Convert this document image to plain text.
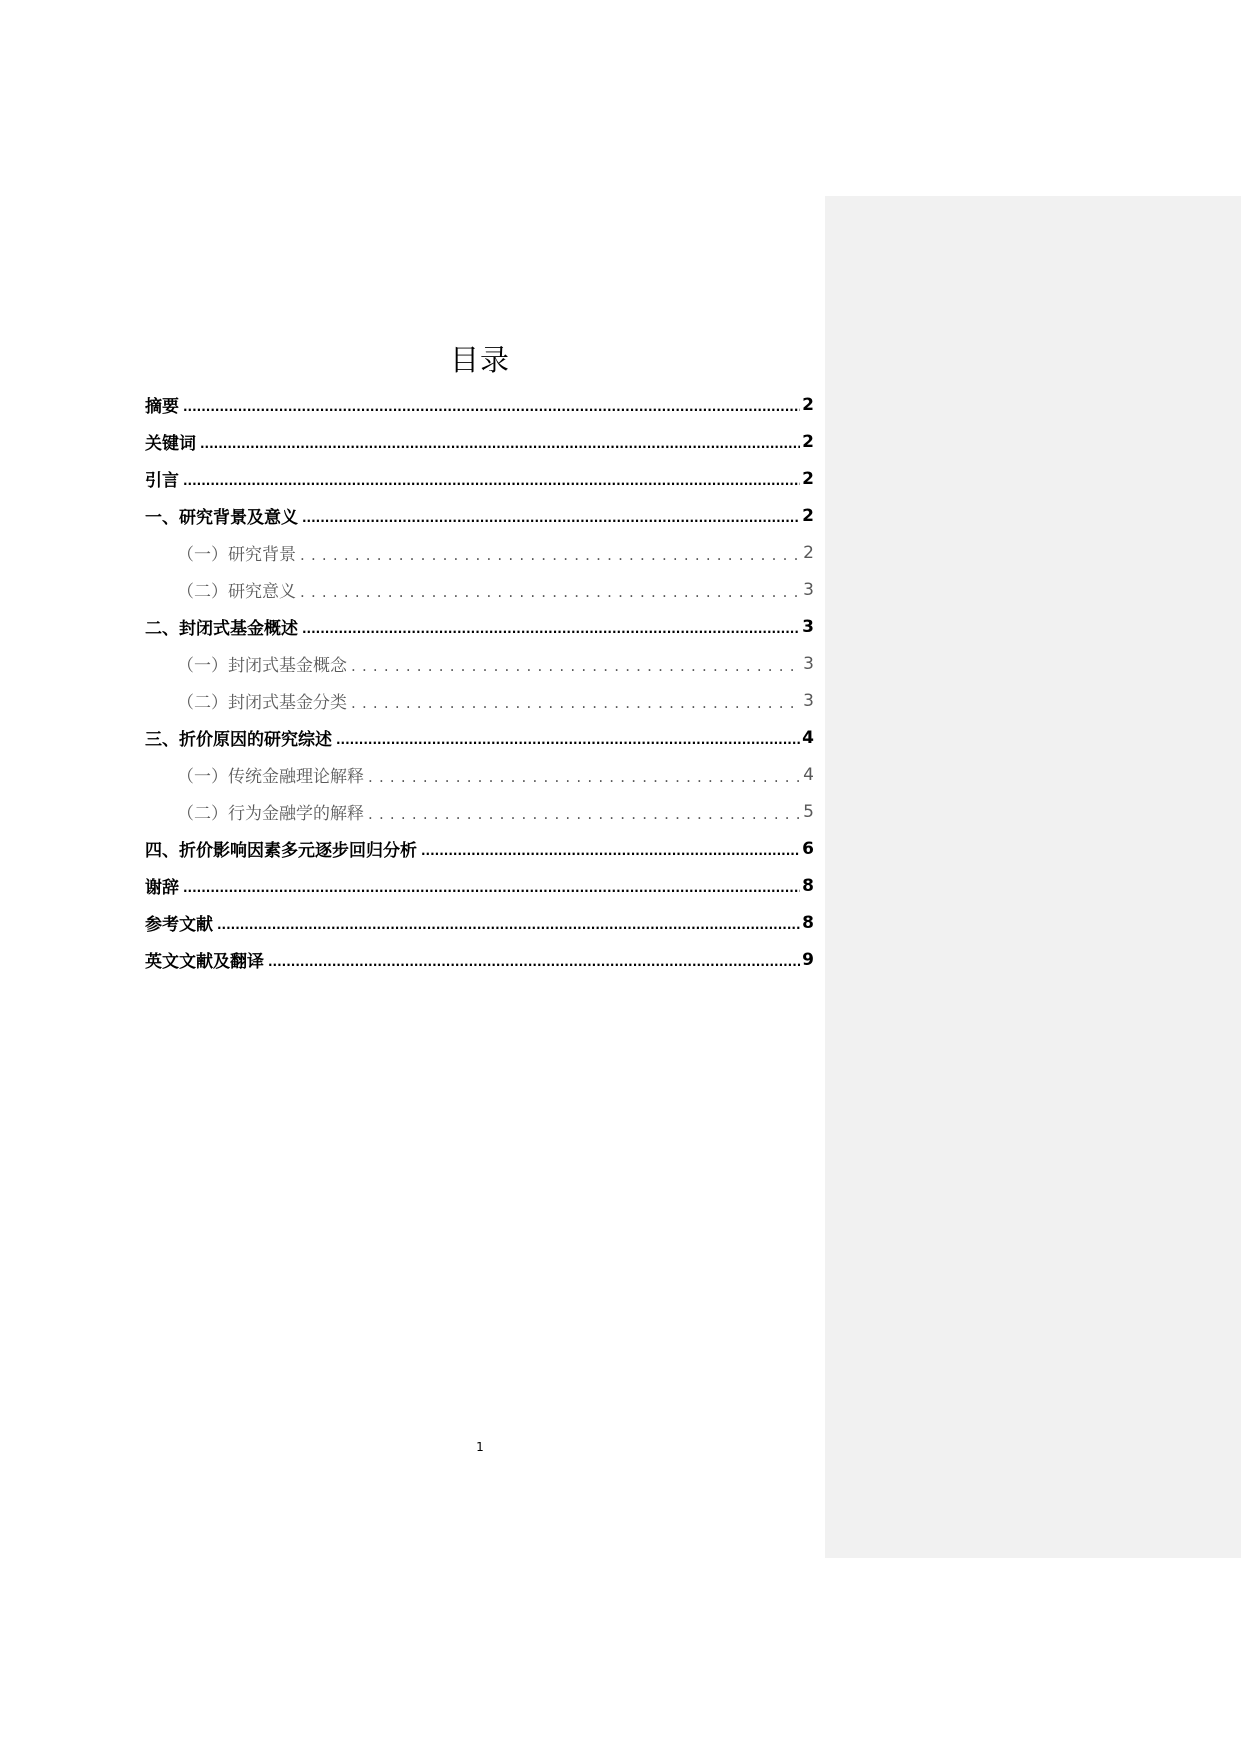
目录
摘要 .....	2
关键词 .....	2
引言 .....	2
一、研究背景及意义 .....	2
（一）研究背景 .....	2
（二）研究意义 .....	3
二、封闭式基金概述 .....	3
（一）封闭式基金概念 .....	3
（二）封闭式基金分类 .....	3
三、折价原因的研究综述 .....	4
（一）传统金融理论解释 .....	4
（二）行为金融学的解释 .....	5
四、折价影响因素多元逐步回归分析 .....	6
谢辞 .....	8
参考文献 .....	8
英文文献及翻译 .....	9
1
